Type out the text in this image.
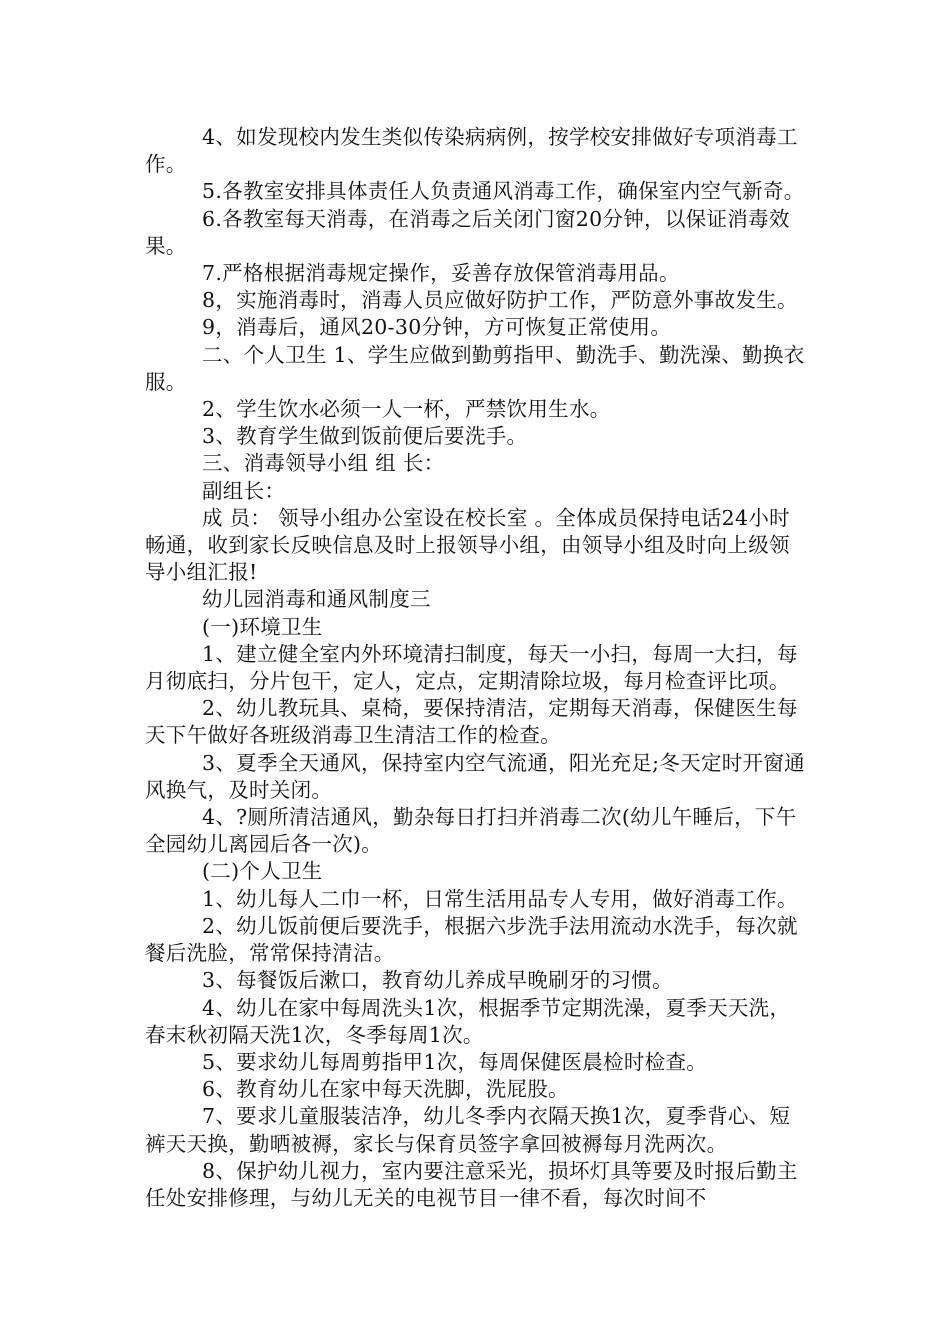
4、如发现校内发生类似传染病病例，按学校安排做好专项消毒工作。

5.各教室安排具体责任人负责通风消毒工作，确保室内空气新奇。

6.各教室每天消毒，在消毒之后关闭门窗20分钟，以保证消毒效果。

7.严格根据消毒规定操作，妥善存放保管消毒用品。

8，实施消毒时，消毒人员应做好防护工作，严防意外事故发生。

9，消毒后，通风20-30分钟，方可恢复正常使用。

二、个人卫生 1、学生应做到勤剪指甲、勤洗手、勤洗澡、勤换衣服。

2、学生饮水必须一人一杯，严禁饮用生水。

3、教育学生做到饭前便后要洗手。

三、消毒领导小组 组 长：

副组长：

成 员： 领导小组办公室设在校长室 。全体成员保持电话24小时畅通，收到家长反映信息及时上报领导小组，由领导小组及时向上级领导小组汇报!

幼儿园消毒和通风制度三

(一)环境卫生

1、建立健全室内外环境清扫制度，每天一小扫，每周一大扫，每月彻底扫，分片包干，定人，定点，定期清除垃圾，每月检查评比项。

2、幼儿教玩具、桌椅，要保持清洁，定期每天消毒，保健医生每天下午做好各班级消毒卫生清洁工作的检查。

3、夏季全天通风，保持室内空气流通，阳光充足;冬天定时开窗通风换气，及时关闭。

4、?厕所清洁通风，勤杂每日打扫并消毒二次(幼儿午睡后，下午全园幼儿离园后各一次)。

(二)个人卫生

1、幼儿每人二巾一杯，日常生活用品专人专用，做好消毒工作。

2、幼儿饭前便后要洗手，根据六步洗手法用流动水洗手，每次就餐后洗脸，常常保持清洁。

3、每餐饭后漱口，教育幼儿养成早晚刷牙的习惯。

4、幼儿在家中每周洗头1次，根据季节定期洗澡，夏季天天洗，春末秋初隔天洗1次，冬季每周1次。

5、要求幼儿每周剪指甲1次，每周保健医晨检时检查。

6、教育幼儿在家中每天洗脚，洗屁股。

7、要求儿童服装洁净，幼儿冬季内衣隔天换1次，夏季背心、短裤天天换，勤晒被褥，家长与保育员签字拿回被褥每月洗两次。

8、保护幼儿视力，室内要注意采光，损坏灯具等要及时报后勤主任处安排修理，与幼儿无关的电视节目一律不看，每次时间不
